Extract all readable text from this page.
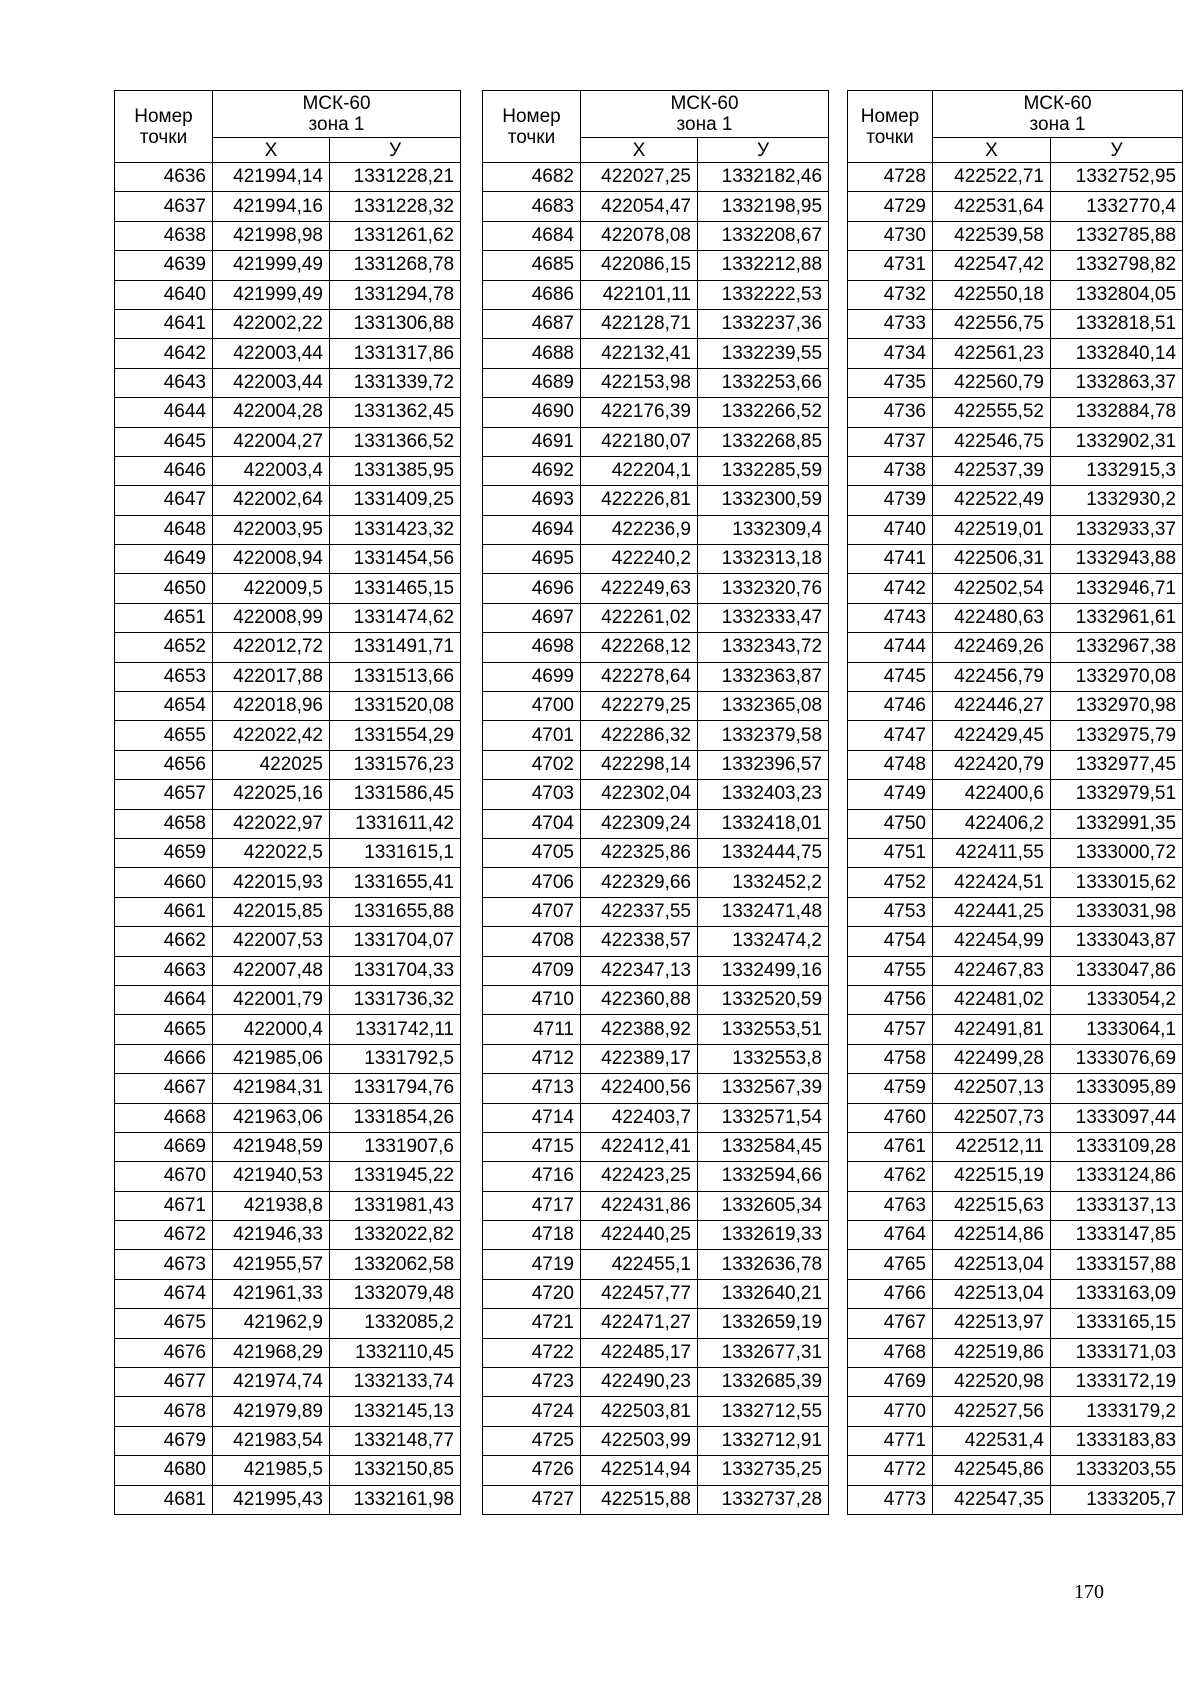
Номер
точки	МСК-60
зона 1	
	X	У
4636	421994,14	1331228,21
4637	421994,16	1331228,32
4638	421998,98	1331261,62
4639	421999,49	1331268,78
4640	421999,49	1331294,78
4641	422002,22	1331306,88
4642	422003,44	1331317,86
4643	422003,44	1331339,72
4644	422004,28	1331362,45
4645	422004,27	1331366,52
4646	422003,4	1331385,95
4647	422002,64	1331409,25
4648	422003,95	1331423,32
4649	422008,94	1331454,56
4650	422009,5	1331465,15
4651	422008,99	1331474,62
4652	422012,72	1331491,71
4653	422017,88	1331513,66
4654	422018,96	1331520,08
4655	422022,42	1331554,29
4656	422025	1331576,23
4657	422025,16	1331586,45
4658	422022,97	1331611,42
4659	422022,5	1331615,1
4660	422015,93	1331655,41
4661	422015,85	1331655,88
4662	422007,53	1331704,07
4663	422007,48	1331704,33
4664	422001,79	1331736,32
4665	422000,4	1331742,11
4666	421985,06	1331792,5
4667	421984,31	1331794,76
4668	421963,06	1331854,26
4669	421948,59	1331907,6
4670	421940,53	1331945,22
4671	421938,8	1331981,43
4672	421946,33	1332022,82
4673	421955,57	1332062,58
4674	421961,33	1332079,48
4675	421962,9	1332085,2
4676	421968,29	1332110,45
4677	421974,74	1332133,74
4678	421979,89	1332145,13
4679	421983,54	1332148,77
4680	421985,5	1332150,85
4681	421995,43	1332161,98
Номер
точки	МСК-60
зона 1	
	X	У
4682	422027,25	1332182,46
4683	422054,47	1332198,95
4684	422078,08	1332208,67
4685	422086,15	1332212,88
4686	422101,11	1332222,53
4687	422128,71	1332237,36
4688	422132,41	1332239,55
4689	422153,98	1332253,66
4690	422176,39	1332266,52
4691	422180,07	1332268,85
4692	422204,1	1332285,59
4693	422226,81	1332300,59
4694	422236,9	1332309,4
4695	422240,2	1332313,18
4696	422249,63	1332320,76
4697	422261,02	1332333,47
4698	422268,12	1332343,72
4699	422278,64	1332363,87
4700	422279,25	1332365,08
4701	422286,32	1332379,58
4702	422298,14	1332396,57
4703	422302,04	1332403,23
4704	422309,24	1332418,01
4705	422325,86	1332444,75
4706	422329,66	1332452,2
4707	422337,55	1332471,48
4708	422338,57	1332474,2
4709	422347,13	1332499,16
4710	422360,88	1332520,59
4711	422388,92	1332553,51
4712	422389,17	1332553,8
4713	422400,56	1332567,39
4714	422403,7	1332571,54
4715	422412,41	1332584,45
4716	422423,25	1332594,66
4717	422431,86	1332605,34
4718	422440,25	1332619,33
4719	422455,1	1332636,78
4720	422457,77	1332640,21
4721	422471,27	1332659,19
4722	422485,17	1332677,31
4723	422490,23	1332685,39
4724	422503,81	1332712,55
4725	422503,99	1332712,91
4726	422514,94	1332735,25
4727	422515,88	1332737,28
Номер
точки	МСК-60
зона 1	
	X	У
4728	422522,71	1332752,95
4729	422531,64	1332770,4
4730	422539,58	1332785,88
4731	422547,42	1332798,82
4732	422550,18	1332804,05
4733	422556,75	1332818,51
4734	422561,23	1332840,14
4735	422560,79	1332863,37
4736	422555,52	1332884,78
4737	422546,75	1332902,31
4738	422537,39	1332915,3
4739	422522,49	1332930,2
4740	422519,01	1332933,37
4741	422506,31	1332943,88
4742	422502,54	1332946,71
4743	422480,63	1332961,61
4744	422469,26	1332967,38
4745	422456,79	1332970,08
4746	422446,27	1332970,98
4747	422429,45	1332975,79
4748	422420,79	1332977,45
4749	422400,6	1332979,51
4750	422406,2	1332991,35
4751	422411,55	1333000,72
4752	422424,51	1333015,62
4753	422441,25	1333031,98
4754	422454,99	1333043,87
4755	422467,83	1333047,86
4756	422481,02	1333054,2
4757	422491,81	1333064,1
4758	422499,28	1333076,69
4759	422507,13	1333095,89
4760	422507,73	1333097,44
4761	422512,11	1333109,28
4762	422515,19	1333124,86
4763	422515,63	1333137,13
4764	422514,86	1333147,85
4765	422513,04	1333157,88
4766	422513,04	1333163,09
4767	422513,97	1333165,15
4768	422519,86	1333171,03
4769	422520,98	1333172,19
4770	422527,56	1333179,2
4771	422531,4	1333183,83
4772	422545,86	1333203,55
4773	422547,35	1333205,7
170
